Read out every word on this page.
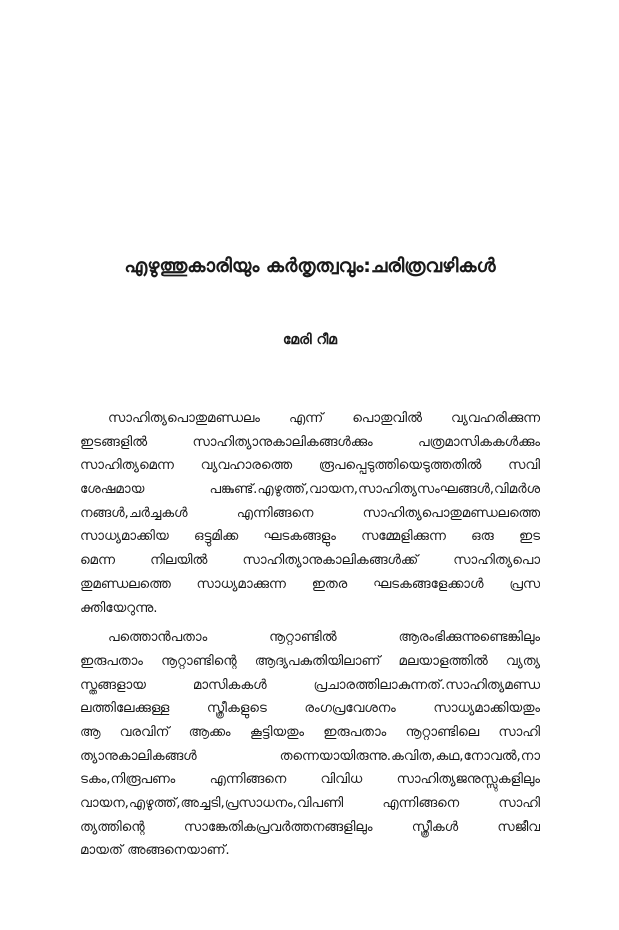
എഴുത്തുകാരിയും കർതൃത്വവും:ചരിത്രവഴികൾ
മേരി റീമ

സാഹിത്യപൊതുമണ്ഡലം എന്ന് പൊതുവിൽ വ്യവഹരിക്കുന്ന
ഇടങ്ങളിൽ സാഹിത്യാനുകാലികങ്ങൾക്കും പത്രമാസികകൾക്കും
സാഹിത്യമെന്ന വ്യവഹാരത്തെ രൂപപ്പെടുത്തിയെടുത്തതിൽ സവി
ശേഷമായ പങ്കുണ്ട്.എഴുത്ത്,വായന,സാഹിത്യസംഘങ്ങൾ,വിമർശ
നങ്ങൾ,ചർച്ചകൾ എന്നിങ്ങനെ സാഹിത്യപൊതുമണ്ഡലത്തെ
സാധ്യമാക്കിയ ഒട്ടുമിക്ക ഘടകങ്ങളും സമ്മേളിക്കുന്ന ഒരു ഇട
മെന്ന നിലയിൽ സാഹിത്യാനുകാലികങ്ങൾക്ക് സാഹിത്യപൊ
തുമണ്ഡലത്തെ സാധ്യമാക്കുന്ന ഇതര ഘടകങ്ങളേക്കാൾ പ്രസ
ക്തിയേറുന്നു.

പത്തൊൻപതാം നൂറ്റാണ്ടിൽ ആരംഭിക്കുന്നുണ്ടെങ്കിലും
ഇരുപതാം നൂറ്റാണ്ടിന്റെ ആദ്യപകുതിയിലാണ് മലയാളത്തിൽ വ്യത്യ
സ്തങ്ങളായ മാസികകൾ പ്രചാരത്തിലാകുന്നത്.സാഹിത്യമണ്ഡ
ലത്തിലേക്കുള്ള സ്ത്രീകളുടെ രംഗപ്രവേശനം സാധ്യമാക്കിയതും
ആ വരവിന് ആക്കം കൂട്ടിയതും ഇരുപതാം നൂറ്റാണ്ടിലെ സാഹി
ത്യാനുകാലികങ്ങൾ തന്നെയായിരുന്നു.കവിത,കഥ,നോവൽ,നാ
ടകം,നിരൂപണം എന്നിങ്ങനെ വിവിധ സാഹിത്യജനുസ്സുകളിലും
വായന,എഴുത്ത്,അച്ചടി,പ്രസാധനം,വിപണി എന്നിങ്ങനെ സാഹി
ത്യത്തിന്റെ സാങ്കേതികപ്രവർത്തനങ്ങളിലും സ്ത്രീകൾ സജീവ
മായത് അങ്ങനെയാണ്.
